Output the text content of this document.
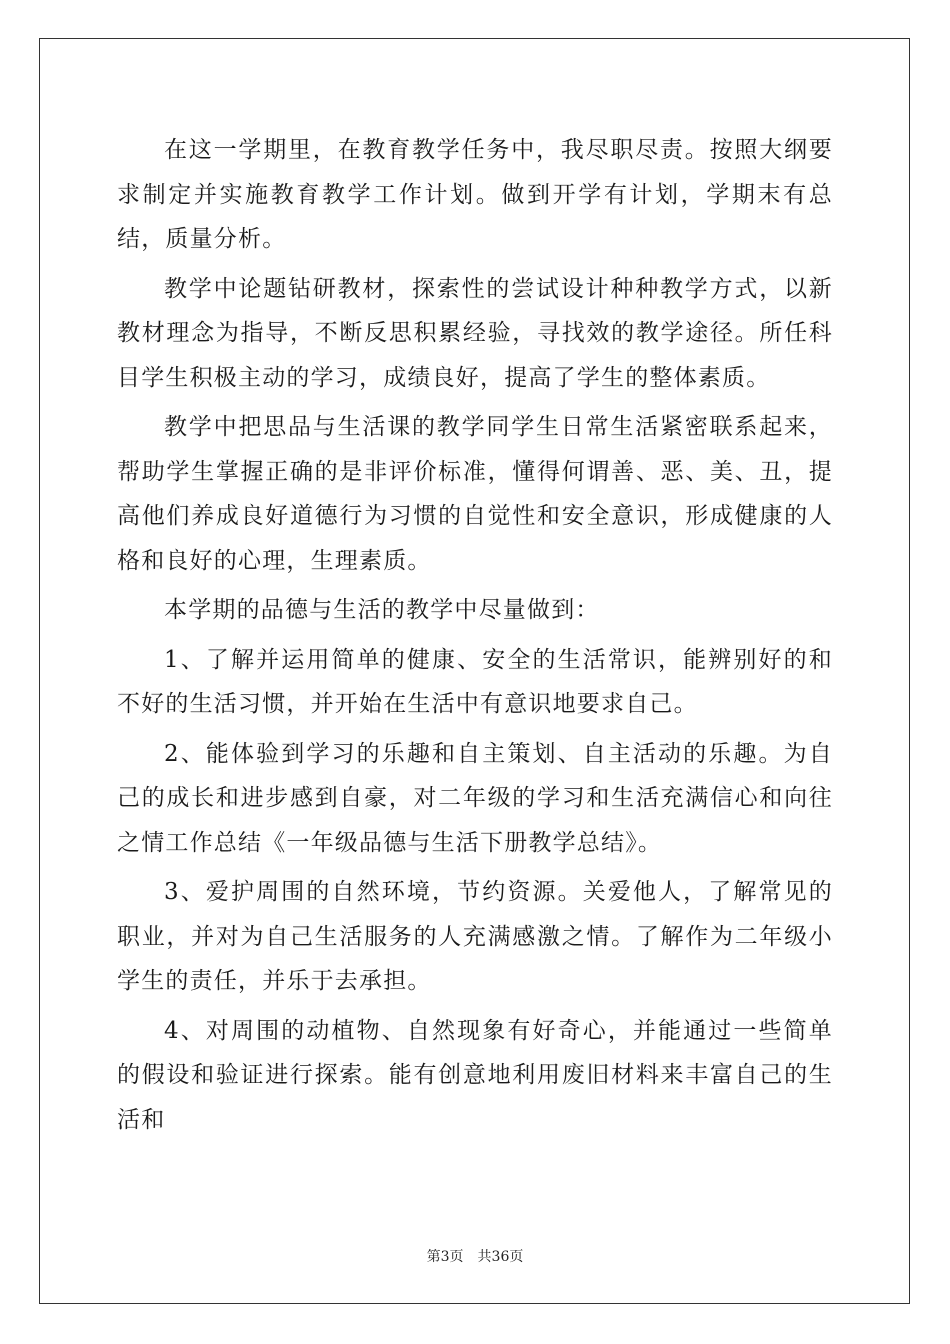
在这一学期里，在教育教学任务中，我尽职尽责。按照大纲要求制定并实施教育教学工作计划。做到开学有计划，学期末有总结，质量分析。

教学中论题钻研教材，探索性的尝试设计种种教学方式，以新教材理念为指导，不断反思积累经验，寻找效的教学途径。所任科目学生积极主动的学习，成绩良好，提高了学生的整体素质。

教学中把思品与生活课的教学同学生日常生活紧密联系起来，帮助学生掌握正确的是非评价标准，懂得何谓善、恶、美、丑，提高他们养成良好道德行为习惯的自觉性和安全意识，形成健康的人格和良好的心理，生理素质。

本学期的品德与生活的教学中尽量做到：

1、了解并运用简单的健康、安全的生活常识，能辨别好的和不好的生活习惯，并开始在生活中有意识地要求自己。

2、能体验到学习的乐趣和自主策划、自主活动的乐趣。为自己的成长和进步感到自豪，对二年级的学习和生活充满信心和向往之情工作总结《一年级品德与生活下册教学总结》。

3、爱护周围的自然环境，节约资源。关爱他人，了解常见的职业，并对为自己生活服务的人充满感激之情。了解作为二年级小学生的责任，并乐于去承担。

4、对周围的动植物、自然现象有好奇心，并能通过一些简单的假设和验证进行探索。能有创意地利用废旧材料来丰富自己的生活和

第3页 共36页
